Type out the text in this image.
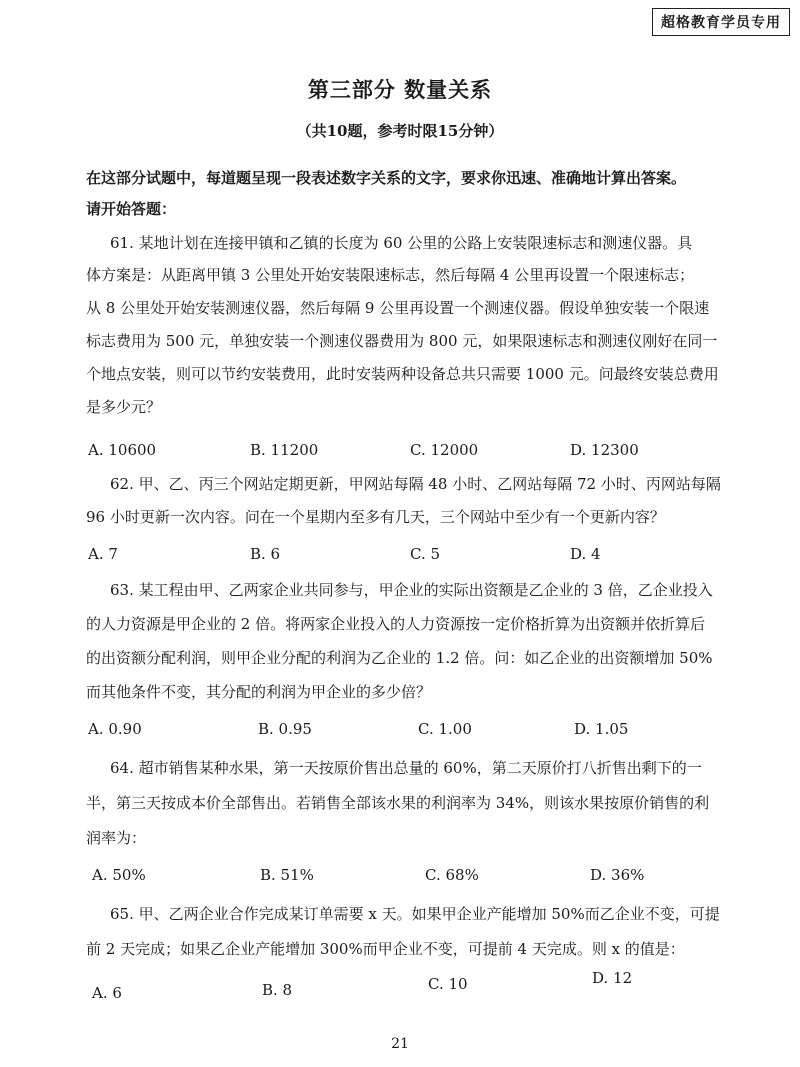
超格教育学员专用
第三部分 数量关系
（共10题，参考时限15分钟）
在这部分试题中，每道题呈现一段表述数字关系的文字，要求你迅速、准确地计算出答案。
请开始答题：
61. 某地计划在连接甲镇和乙镇的长度为 60 公里的公路上安装限速标志和测速仪器。具
体方案是：从距离甲镇 3 公里处开始安装限速标志，然后每隔 4 公里再设置一个限速标志；
从 8 公里处开始安装测速仪器，然后每隔 9 公里再设置一个测速仪器。假设单独安装一个限速
标志费用为 500 元，单独安装一个测速仪器费用为 800 元，如果限速标志和测速仪刚好在同一
个地点安装，则可以节约安装费用，此时安装两种设备总共只需要 1000 元。问最终安装总费用
是多少元？
A. 10600	B. 11200	C. 12000	D. 12300
62. 甲、乙、丙三个网站定期更新，甲网站每隔 48 小时、乙网站每隔 72 小时、丙网站每隔
96 小时更新一次内容。问在一个星期内至多有几天，三个网站中至少有一个更新内容？
A. 7	B. 6	C. 5	D. 4
63. 某工程由甲、乙两家企业共同参与，甲企业的实际出资额是乙企业的 3 倍，乙企业投入
的人力资源是甲企业的 2 倍。将两家企业投入的人力资源按一定价格折算为出资额并依折算后
的出资额分配利润，则甲企业分配的利润为乙企业的 1.2 倍。问：如乙企业的出资额增加 50%
而其他条件不变，其分配的利润为甲企业的多少倍？
A. 0.90	B. 0.95	C. 1.00	D. 1.05
64. 超市销售某种水果，第一天按原价售出总量的 60%，第二天原价打八折售出剩下的一
半，第三天按成本价全部售出。若销售全部该水果的利润率为 34%，则该水果按原价销售的利
润率为：
A. 50%	B. 51%	C. 68%	D. 36%
65. 甲、乙两企业合作完成某订单需要 x 天。如果甲企业产能增加 50%而乙企业不变，可提
前 2 天完成；如果乙企业产能增加 300%而甲企业不变，可提前 4 天完成。则 x 的值是：
A. 6	B. 8	C. 10	D. 12
21
